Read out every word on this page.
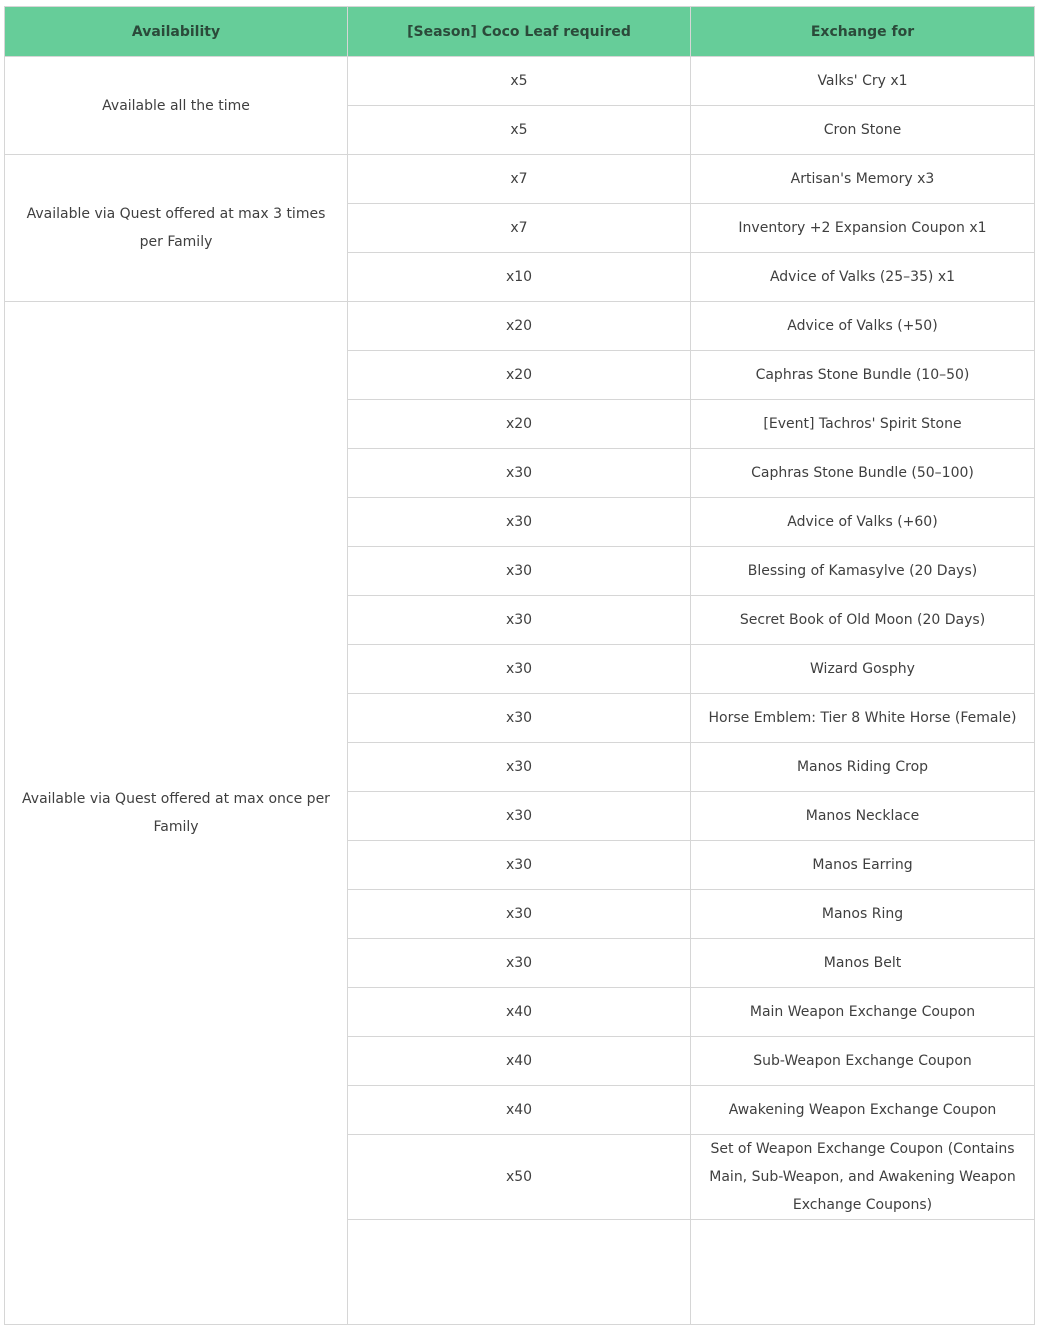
Availability	[Season] Coco Leaf required	Exchange for
Available all the time	x5	Valks' Cry x1
	x5	Cron Stone
Available via Quest offered at max 3 times per Family	x7	Artisan's Memory x3
	x7	Inventory +2 Expansion Coupon x1
	x10	Advice of Valks (25–35) x1
Available via Quest offered at max once per Family	x20	Advice of Valks (+50)
	x20	Caphras Stone Bundle (10–50)
	x20	[Event] Tachros' Spirit Stone
	x30	Caphras Stone Bundle (50–100)
	x30	Advice of Valks (+60)
	x30	Blessing of Kamasylve (20 Days)
	x30	Secret Book of Old Moon (20 Days)
	x30	Wizard Gosphy
	x30	Horse Emblem: Tier 8 White Horse (Female)
	x30	Manos Riding Crop
	x30	Manos Necklace
	x30	Manos Earring
	x30	Manos Ring
	x30	Manos Belt
	x40	Main Weapon Exchange Coupon
	x40	Sub-Weapon Exchange Coupon
	x40	Awakening Weapon Exchange Coupon
	x50	Set of Weapon Exchange Coupon (Contains Main, Sub-Weapon, and Awakening Weapon Exchange Coupons)
